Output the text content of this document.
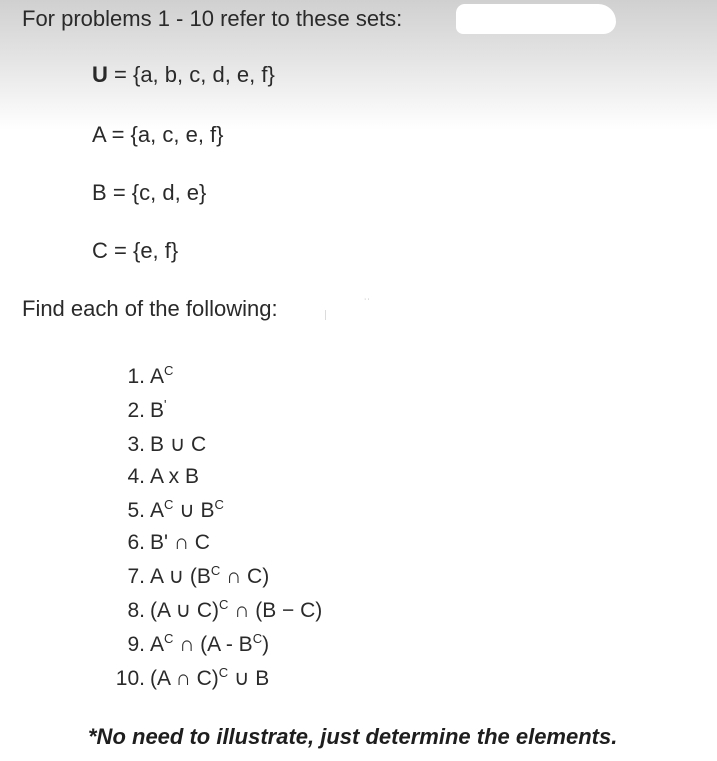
For problems 1 - 10 refer to these sets:
U = {a, b, c, d, e, f}
A = {a, c, e, f}
B = {c, d, e}
C = {e, f}
Find each of the following:	˙˙
1. $A^C$
2. B'
3. B ∪ C
4. A x B
5. $A^C$ ∪ $B^C$
6. B' ∩ C
7. A ∪ ($B^C$ ∩ C)
8. (A ∪ C)$^C$ ∩ (B − C)
9. $A^C$ ∩ $(A - B^C)$
10. (A ∩ C)$^C$ ∪ B
*No need to illustrate, just determine the elements.
